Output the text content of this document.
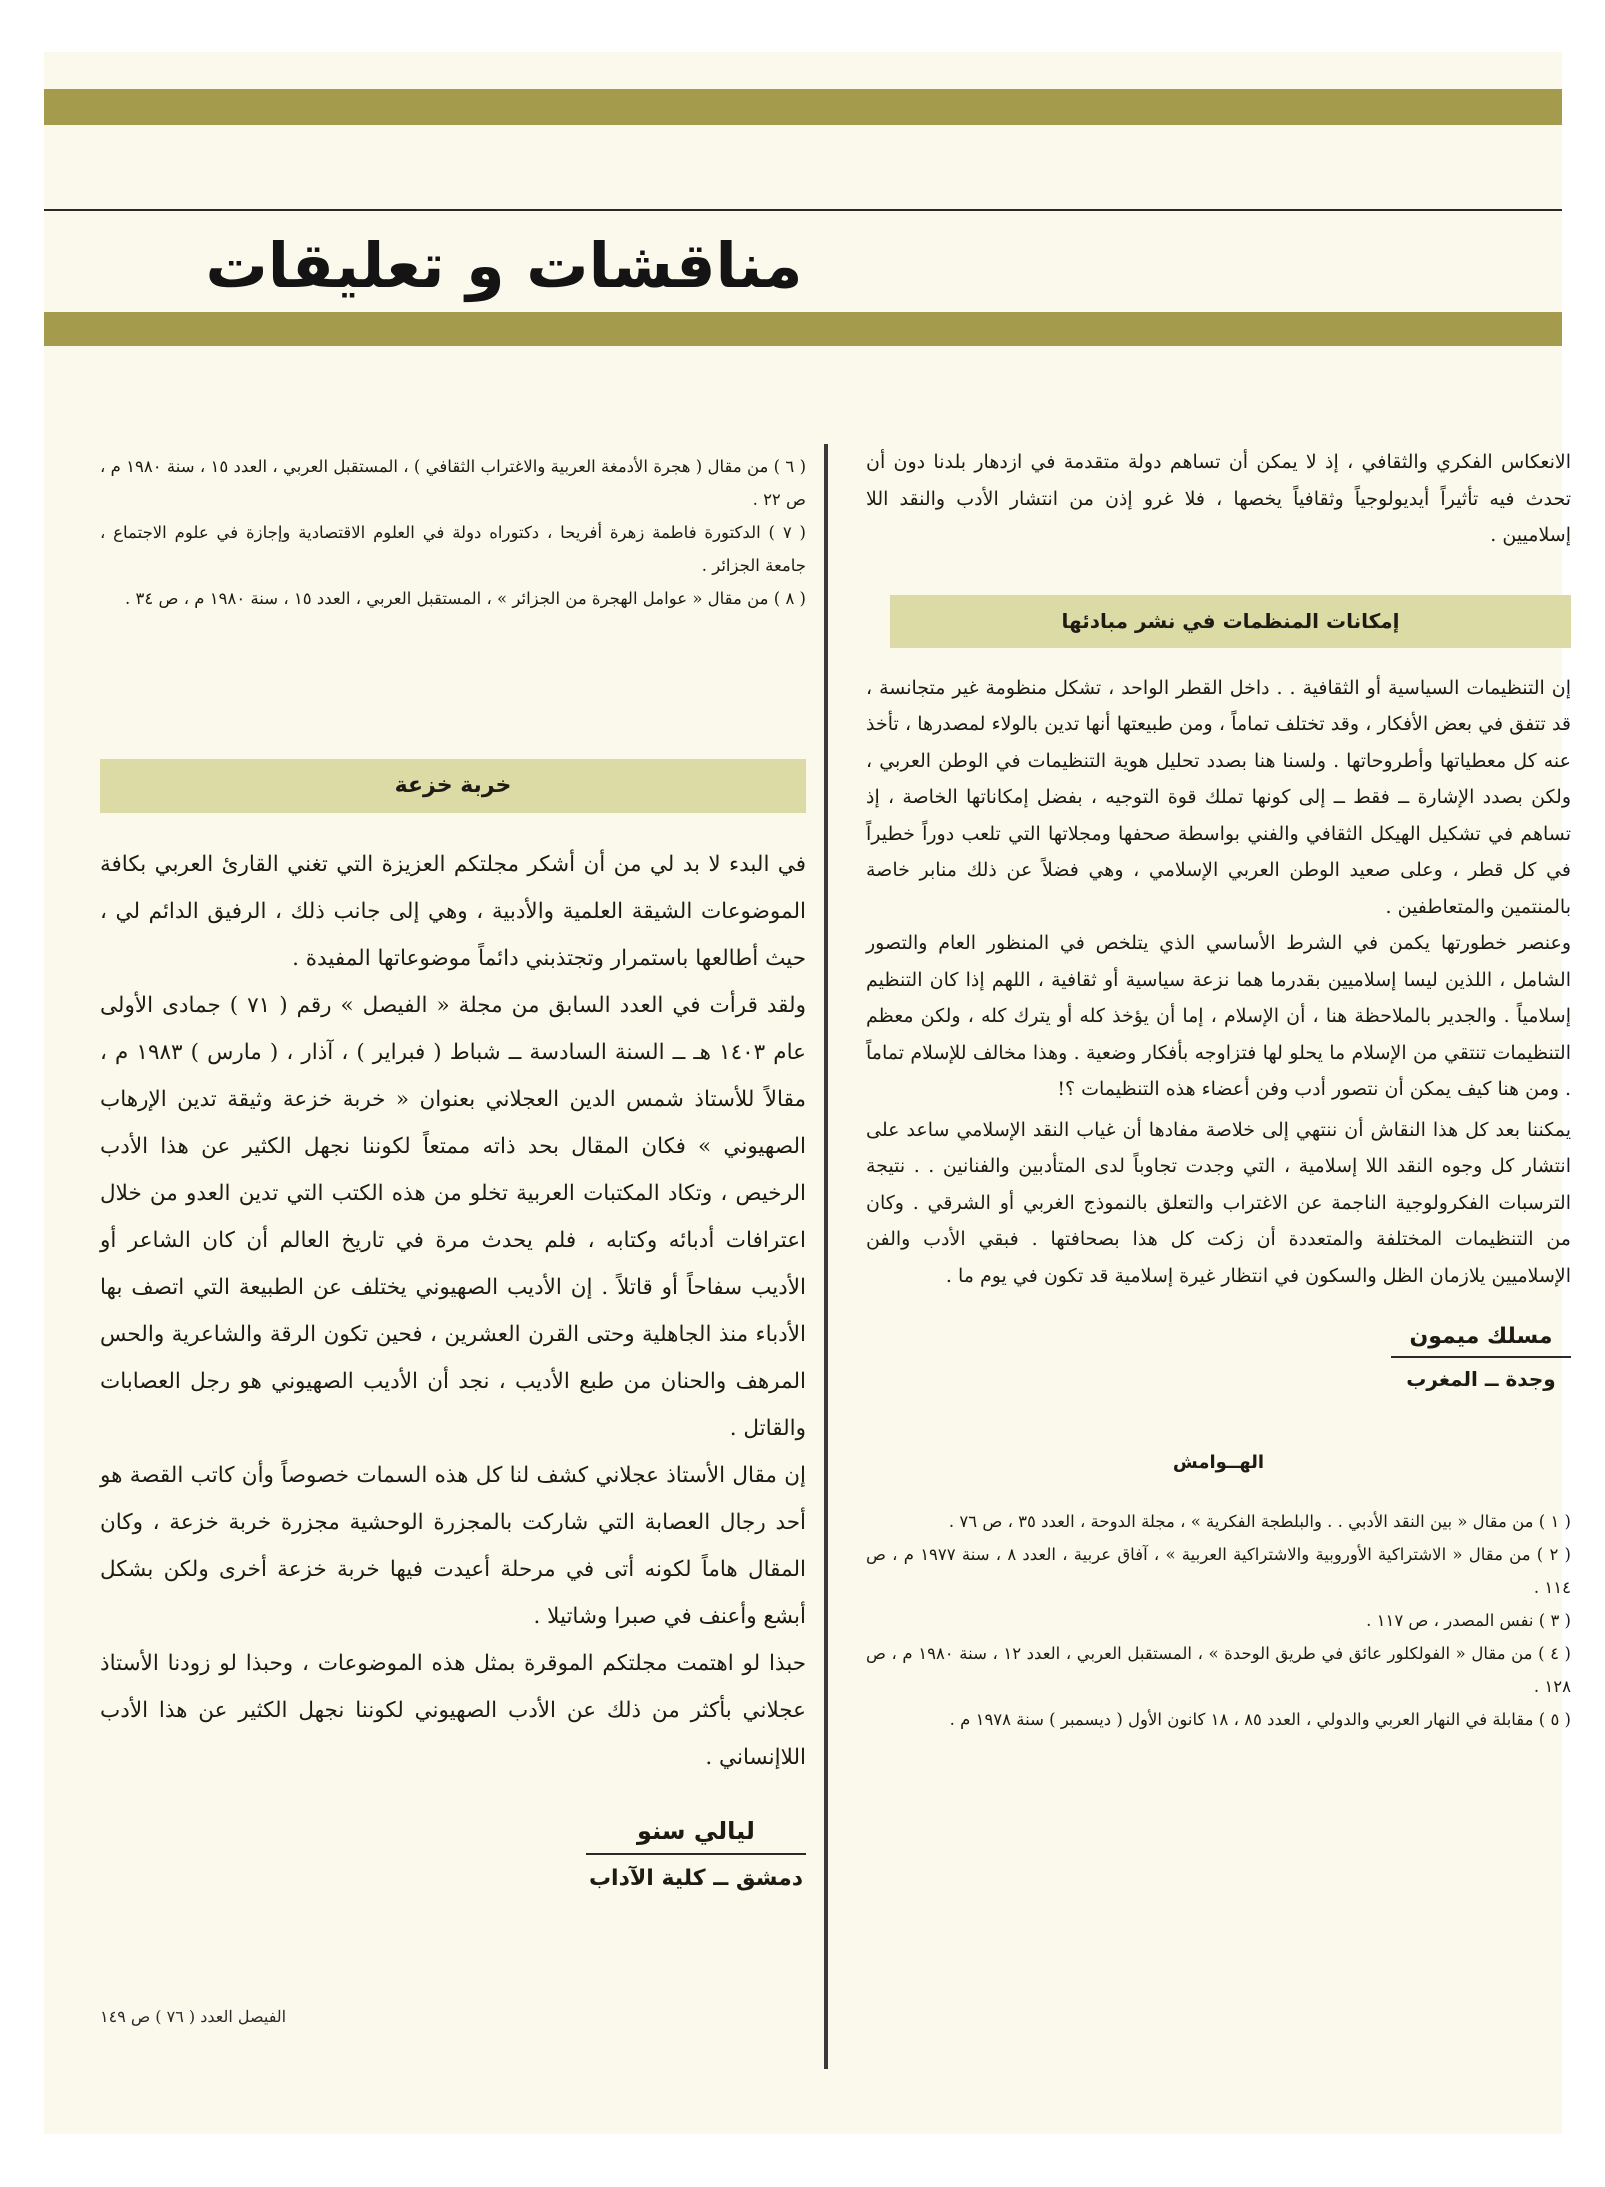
مناقشات و تعليقات

الانعكاس الفكري والثقافي ، إذ لا يمكن أن تساهم دولة متقدمة في ازدهار بلدنا دون أن تحدث فيه تأثيراً أيديولوجياً وثقافياً يخصها ، فلا غرو إذن من انتشار الأدب والنقد اللا إسلاميين .

إمكانات المنظمات في نشر مبادئها

إن التنظيمات السياسية أو الثقافية . . داخل القطر الواحد ، تشكل منظومة غير متجانسة ، قد تتفق في بعض الأفكار ، وقد تختلف تماماً ، ومن طبيعتها أنها تدين بالولاء لمصدرها ، تأخذ عنه كل معطياتها وأطروحاتها . ولسنا هنا بصدد تحليل هوية التنظيمات في الوطن العربي ، ولكن بصدد الإشارة ــ فقط ــ إلى كونها تملك قوة التوجيه ، بفضل إمكاناتها الخاصة ، إذ تساهم في تشكيل الهيكل الثقافي والفني بواسطة صحفها ومجلاتها التي تلعب دوراً خطيراً في كل قطر ، وعلى صعيد الوطن العربي الإسلامي ، وهي فضلاً عن ذلك منابر خاصة بالمنتمين والمتعاطفين .

وعنصر خطورتها يكمن في الشرط الأساسي الذي يتلخص في المنظور العام والتصور الشامل ، اللذين ليسا إسلاميين بقدرما هما نزعة سياسية أو ثقافية ، اللهم إذا كان التنظيم إسلامياً . والجدير بالملاحظة هنا ، أن الإسلام ، إما أن يؤخذ كله أو يترك كله ، ولكن معظم التنظيمات تنتقي من الإسلام ما يحلو لها فتزاوجه بأفكار وضعية . وهذا مخالف للإسلام تماماً . ومن هنا كيف يمكن أن نتصور أدب وفن أعضاء هذه التنظيمات ؟!

يمكننا بعد كل هذا النقاش أن ننتهي إلى خلاصة مفادها أن غياب النقد الإسلامي ساعد على انتشار كل وجوه النقد اللا إسلامية ، التي وجدت تجاوباً لدى المتأدبين والفنانين . . نتيجة الترسبات الفكرولوجية الناجمة عن الاغتراب والتعلق بالنموذج الغربي أو الشرقي . وكان من التنظيمات المختلفة والمتعددة أن زكت كل هذا بصحافتها . فبقي الأدب والفن الإسلاميين يلازمان الظل والسكون في انتظار غيرة إسلامية قد تكون في يوم ما .

مسلك ميمون
وجدة ــ المغرب
الهــوامش

( ١ ) من مقال « بين النقد الأدبي . . والبلطجة الفكرية » ، مجلة الدوحة ، العدد ٣٥ ، ص ٧٦ .

( ٢ ) من مقال « الاشتراكية الأوروبية والاشتراكية العربية » ، آفاق عربية ، العدد ٨ ، سنة ١٩٧٧ م ، ص ١١٤ .

( ٣ ) نفس المصدر ، ص ١١٧ .

( ٤ ) من مقال « الفولكلور عائق في طريق الوحدة » ، المستقبل العربي ، العدد ١٢ ، سنة ١٩٨٠ م ، ص ١٢٨ .

( ٥ ) مقابلة في النهار العربي والدولي ، العدد ٨٥ ، ١٨ كانون الأول ( ديسمبر ) سنة ١٩٧٨ م .

( ٦ ) من مقال ( هجرة الأدمغة العربية والاغتراب الثقافي ) ، المستقبل العربي ، العدد ١٥ ، سنة ١٩٨٠ م ، ص ٢٢ .

( ٧ ) الدكتورة فاطمة زهرة أفريحا ، دكتوراه دولة في العلوم الاقتصادية وإجازة في علوم الاجتماع ، جامعة الجزائر .

( ٨ ) من مقال « عوامل الهجرة من الجزائر » ، المستقبل العربي ، العدد ١٥ ، سنة ١٩٨٠ م ، ص ٣٤ .

خربة خزعة

في البدء لا بد لي من أن أشكر مجلتكم العزيزة التي تغني القارئ العربي بكافة الموضوعات الشيقة العلمية والأدبية ، وهي إلى جانب ذلك ، الرفيق الدائم لي ، حيث أطالعها باستمرار وتجتذبني دائماً موضوعاتها المفيدة .

ولقد قرأت في العدد السابق من مجلة « الفيصل » رقم ( ٧١ ) جمادى الأولى عام ١٤٠٣ هـ ــ السنة السادسة ــ شباط ( فبراير ) ، آذار ، ( مارس ) ١٩٨٣ م ، مقالاً للأستاذ شمس الدين العجلاني بعنوان « خربة خزعة وثيقة تدين الإرهاب الصهيوني » فكان المقال بحد ذاته ممتعاً لكوننا نجهل الكثير عن هذا الأدب الرخيص ، وتكاد المكتبات العربية تخلو من هذه الكتب التي تدين العدو من خلال اعترافات أدبائه وكتابه ، فلم يحدث مرة في تاريخ العالم أن كان الشاعر أو الأديب سفاحاً أو قاتلاً . إن الأديب الصهيوني يختلف عن الطبيعة التي اتصف بها الأدباء منذ الجاهلية وحتى القرن العشرين ، فحين تكون الرقة والشاعرية والحس المرهف والحنان من طبع الأديب ، نجد أن الأديب الصهيوني هو رجل العصابات والقاتل .

إن مقال الأستاذ عجلاني كشف لنا كل هذه السمات خصوصاً وأن كاتب القصة هو أحد رجال العصابة التي شاركت بالمجزرة الوحشية مجزرة خربة خزعة ، وكان المقال هاماً لكونه أتى في مرحلة أعيدت فيها خربة خزعة أخرى ولكن بشكل أبشع وأعنف في صبرا وشاتيلا .

حبذا لو اهتمت مجلتكم الموقرة بمثل هذه الموضوعات ، وحبذا لو زودنا الأستاذ عجلاني بأكثر من ذلك عن الأدب الصهيوني لكوننا نجهل الكثير عن هذا الأدب اللاإنساني .

ليالي سنو
دمشق ــ كلية الآداب
الفيصل العدد ( ٧٦ ) ص ١٤٩
